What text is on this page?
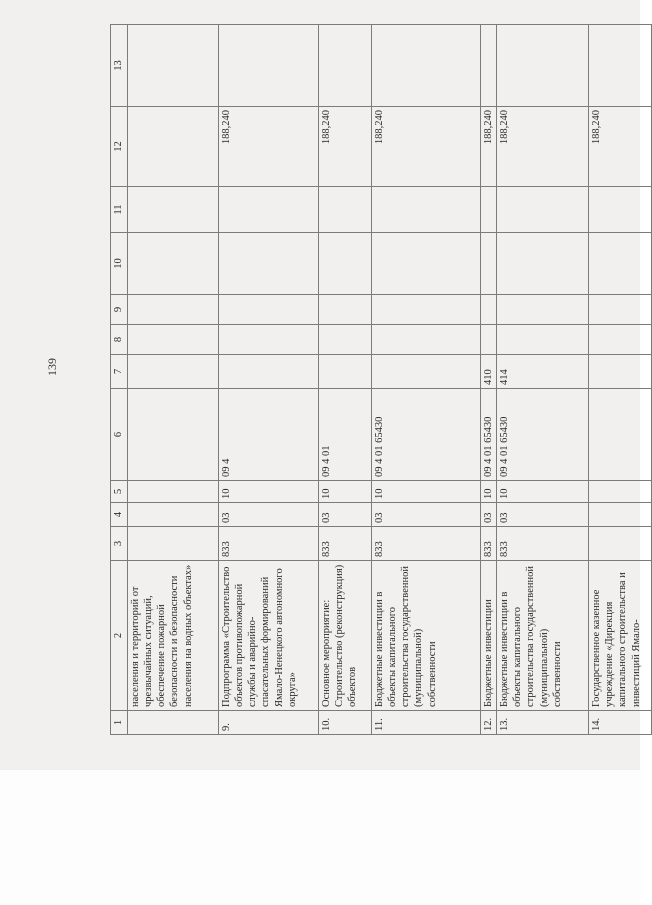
139
1	2	3	4	5	6	7	8	9	10	11	12	13
	населения и территорий от чрезвычайных ситуаций, обеспечение пожарной безопасности и безопасности населения на водных объектах»											
9.	Подпрограмма «Строительство объектов противопожарной службы и аварийно-спасательных формирований Ямало-Ненецкого автономного округа»	833	03	10	09 4						188,240	
10.	Основное мероприятие: Строительство (реконструкция) объектов	833	03	10	09 4 01						188,240	
11.	Бюджетные инвестиции в объекты капитального строительства государственной (муниципальной) собственности	833	03	10	09 4 01 65430						188,240	
12.	Бюджетные инвестиции	833	03	10	09 4 01 65430	410					188,240	
13.	Бюджетные инвестиции в объекты капитального строительства государственной (муниципальной) собственности	833	03	10	09 4 01 65430	414					188,240	
14.	Государственное казенное учреждение «Дирекция капитального строительства и инвестиций Ямало-										188,240	
